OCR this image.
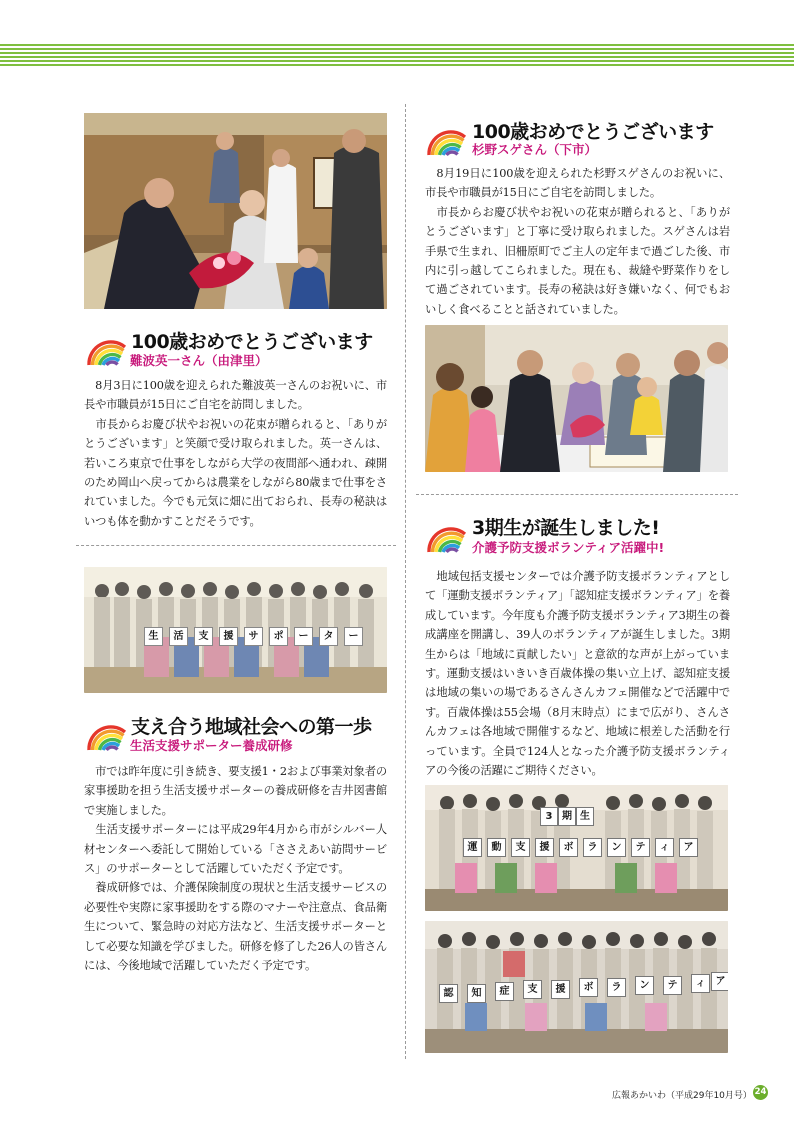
100歳おめでとうございます
難波英一さん（由津里）
　8月3日に100歳を迎えられた難波英一さんのお祝いに、市長や市職員が15日にご自宅を訪問しました。
　市長からお慶び状やお祝いの花束が贈られると、「ありがとうございます」と笑顔で受け取られました。英一さんは、若いころ東京で仕事をしながら大学の夜間部へ通われ、疎開のため岡山へ戻ってからは農業をしながら80歳まで仕事をされていました。今でも元気に畑に出ておられ、長寿の秘訣はいつも体を動かすことだそうです。
100歳おめでとうございます
杉野スゲさん（下市）
　8月19日に100歳を迎えられた杉野スゲさんのお祝いに、市長や市職員が15日にご自宅を訪問しました。
　市長からお慶び状やお祝いの花束が贈られると、「ありがとうございます」と丁寧に受け取られました。スゲさんは岩手県で生まれ、旧柵原町でご主人の定年まで過ごした後、市内に引っ越してこられました。現在も、裁縫や野菜作りをして過ごされています。長寿の秘訣は好き嫌いなく、何でもおいしく食べることと話されていました。
生	活	支	援	サ	ポ	ー	タ	ー
支え合う地域社会への第一歩
生活支援サポーター養成研修
　市では昨年度に引き続き、要支援1・2および事業対象者の家事援助を担う生活支援サポーターの養成研修を吉井図書館で実施しました。
　生活支援サポーターには平成29年4月から市がシルバー人材センターへ委託して開始している「ささえあい訪問サービス」のサポーターとして活躍していただく予定です。
　養成研修では、介護保険制度の現状と生活支援サービスの必要性や実際に家事援助をする際のマナーや注意点、食品衛生について、緊急時の対応方法など、生活支援サポーターとして必要な知識を学びました。研修を修了した26人の皆さんには、今後地域で活躍していただく予定です。
3期生が誕生しました!
介護予防支援ボランティア活躍中!
　地域包括支援センターでは介護予防支援ボランティアとして「運動支援ボランティア」「認知症支援ボランティア」を養成しています。今年度も介護予防支援ボランティア3期生の養成講座を開講し、39人のボランティアが誕生しました。3期生からは「地域に貢献したい」と意欲的な声が上がっています。運動支援はいきいき百歳体操の集い立上げ、認知症支援は地域の集いの場であるさんさんカフェ開催などで活躍中です。百歳体操は55会場（8月末時点）にまで広がり、さんさんカフェは各地域で開催するなど、地域に根差した活動を行っています。全員で124人となった介護予防支援ボランティアの今後の活躍にご期待ください。
3 期 生
運	動	支	援	ボ	ラ	ン	テ	ィ	ア
認	知	症	支	援	ボ	ラ	ン	テ	ィ	ア
広報あかいわ（平成29年10月号） 24
